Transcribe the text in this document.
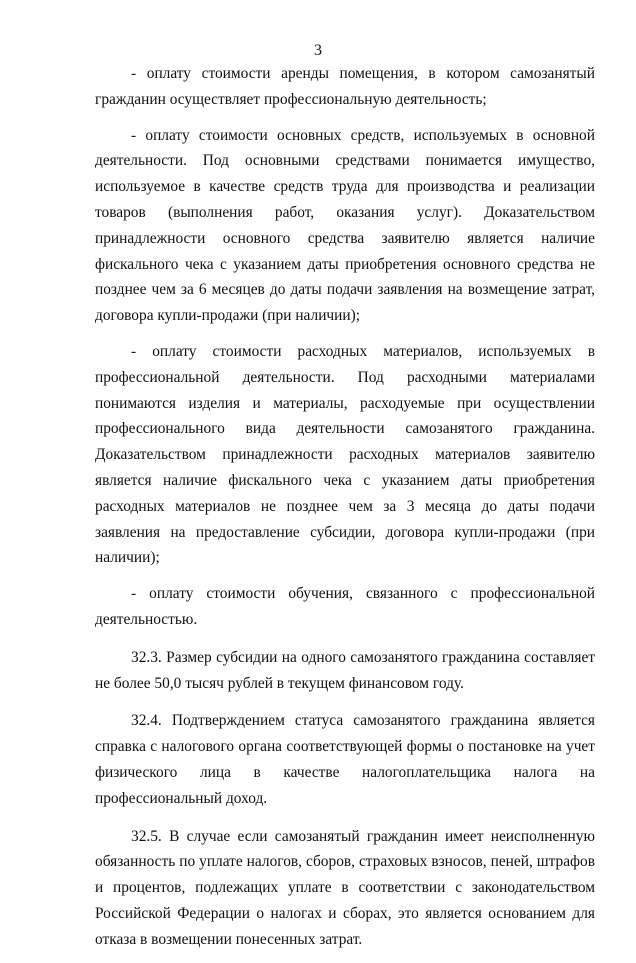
3

- оплату стоимости аренды помещения, в котором самозанятый гражданин осуществляет профессиональную деятельность;

- оплату стоимости основных средств, используемых в основной деятельности. Под основными средствами понимается имущество, используемое в качестве средств труда для производства и реализации товаров (выполнения работ, оказания услуг). Доказательством принадлежности основного средства заявителю является наличие фискального чека с указанием даты приобретения основного средства не позднее чем за 6 месяцев до даты подачи заявления на возмещение затрат, договора купли-продажи (при наличии);

- оплату стоимости расходных материалов, используемых в профессиональной деятельности. Под расходными материалами понимаются изделия и материалы, расходуемые при осуществлении профессионального вида деятельности самозанятого гражданина. Доказательством принадлежности расходных материалов заявителю является наличие фискального чека с указанием даты приобретения расходных материалов не позднее чем за 3 месяца до даты подачи заявления на предоставление субсидии, договора купли-продажи (при наличии);

- оплату стоимости обучения, связанного с профессиональной деятельностью.

32.3. Размер субсидии на одного самозанятого гражданина составляет не более 50,0 тысяч рублей в текущем финансовом году.

32.4. Подтверждением статуса самозанятого гражданина является справка с налогового органа соответствующей формы о постановке на учет физического лица в качестве налогоплательщика налога на профессиональный доход.

32.5. В случае если самозанятый гражданин имеет неисполненную обязанность по уплате налогов, сборов, страховых взносов, пеней, штрафов и процентов, подлежащих уплате в соответствии с законодательством Российской Федерации о налогах и сборах, это является основанием для отказа в возмещении понесенных затрат.
